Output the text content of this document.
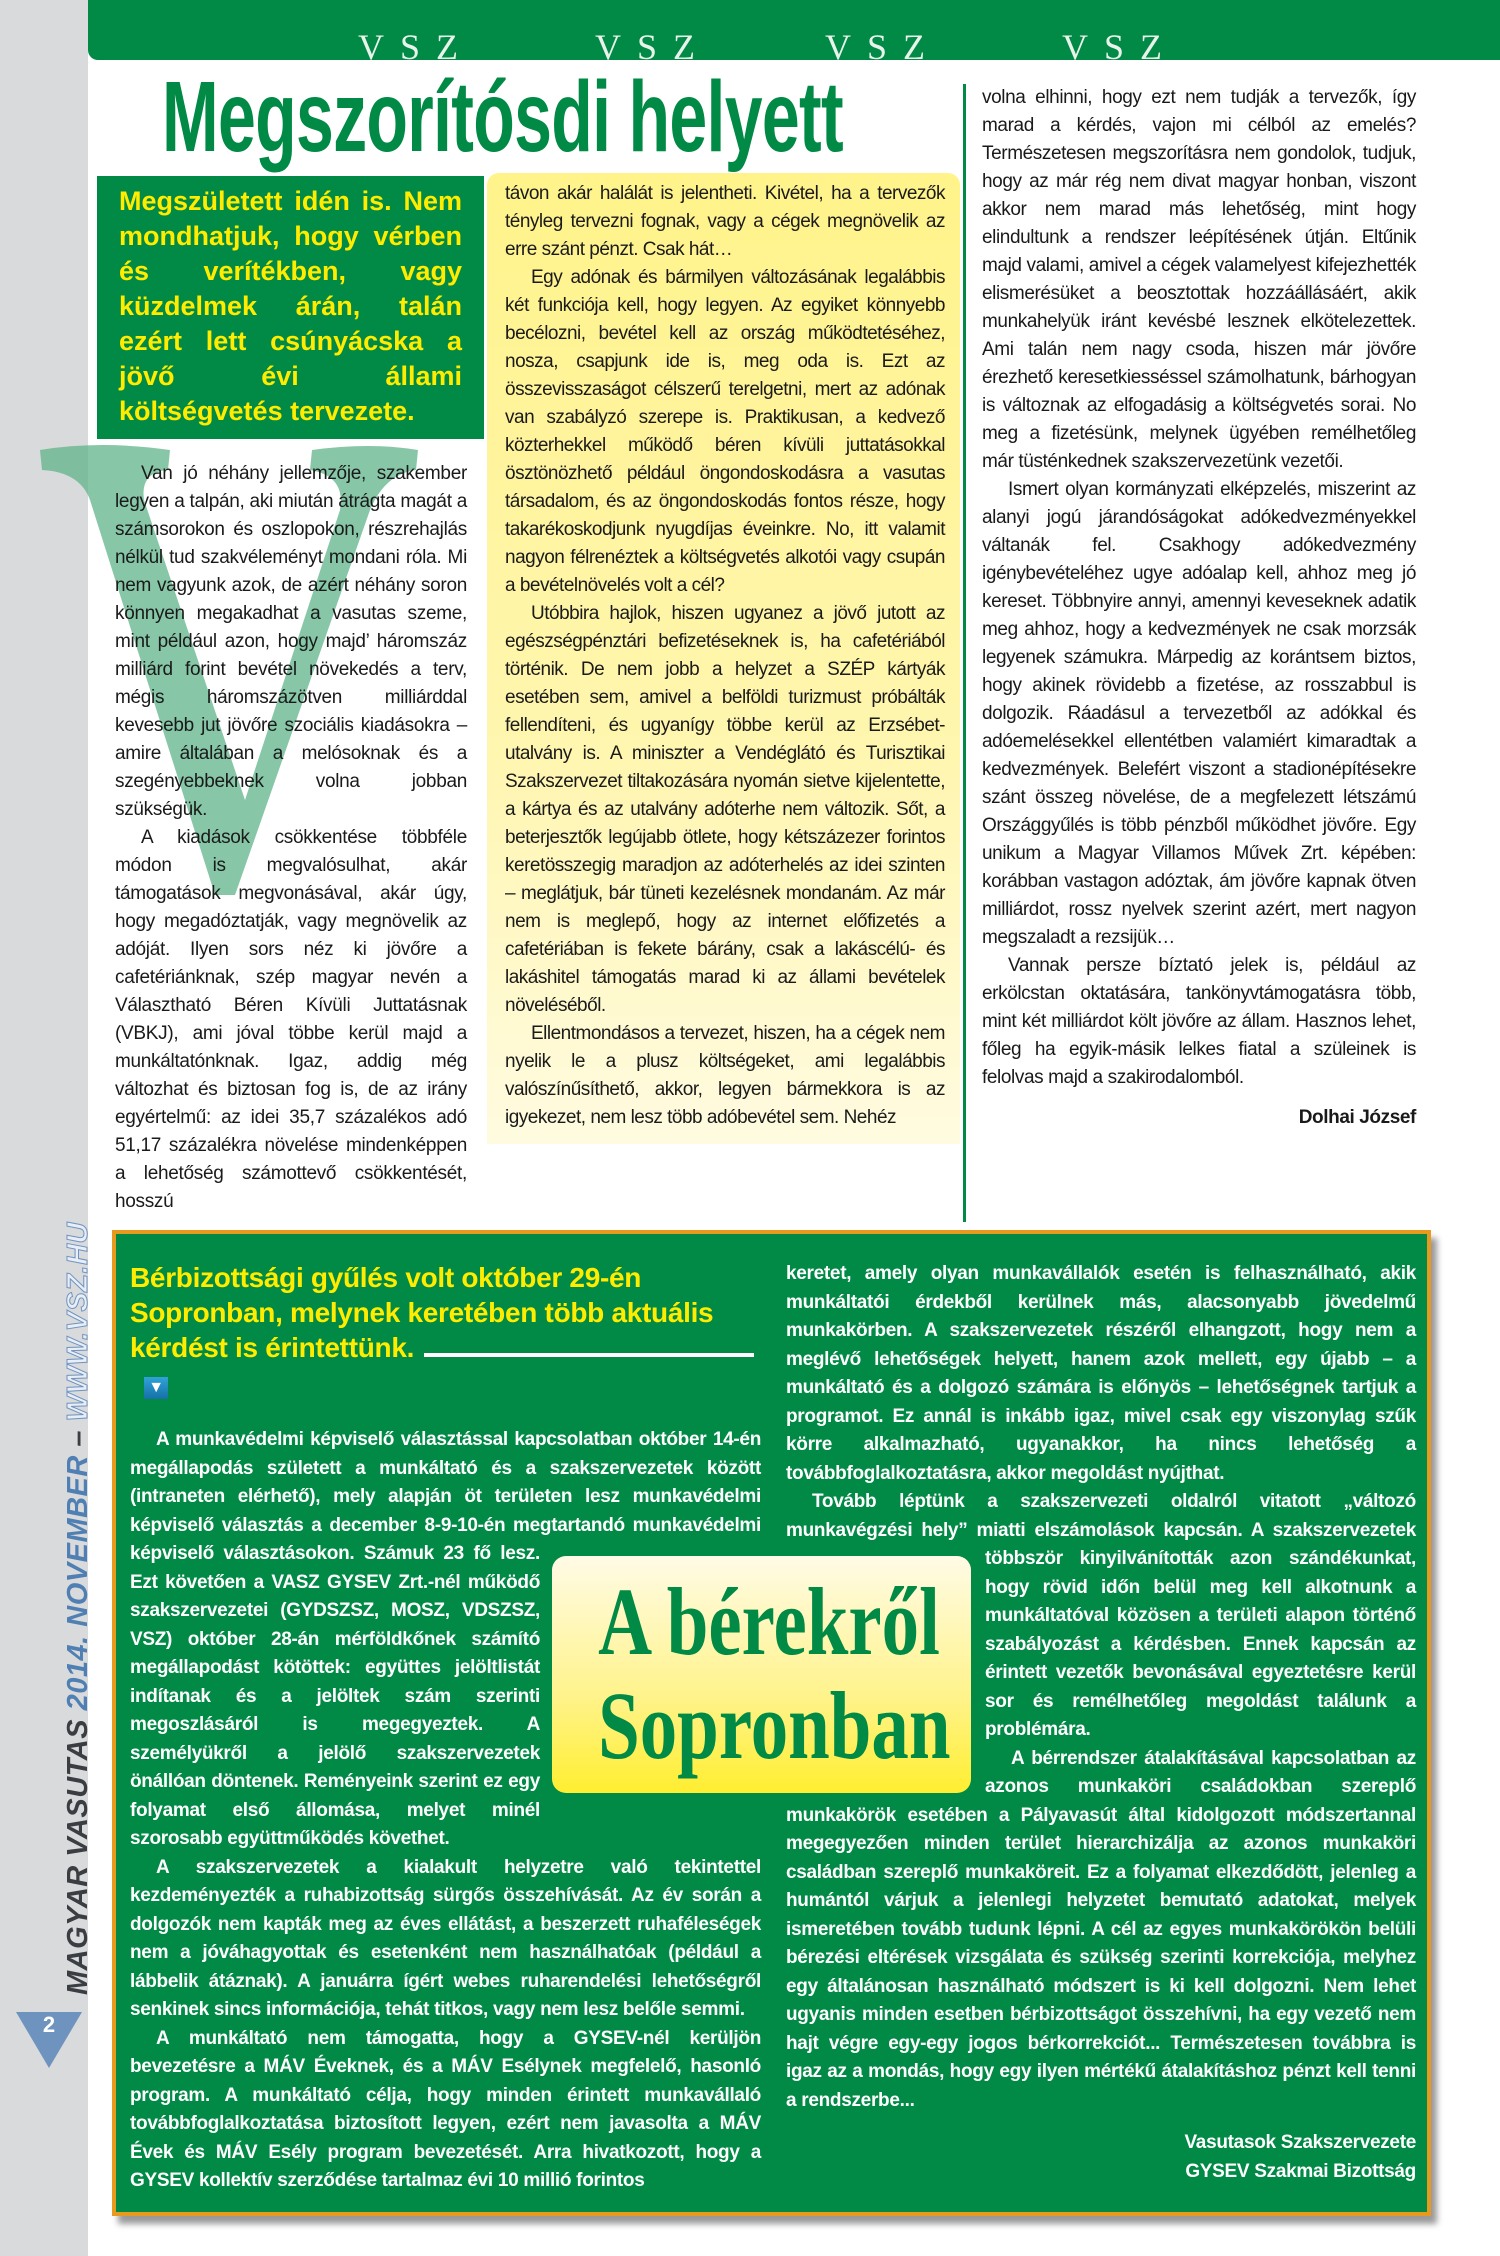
MAGYAR VASUTAS 2014. NOVEMBER – WWW.VSZ.HU
2
VSZ	VSZ	VSZ	VSZ
Megszorítósdi helyett
Megszületett idén is. Nem mondhatjuk, hogy vérben és verítékben, vagy küzdelmek árán, talán ezért lett csúnyácska a jövő évi állami költségvetés tervezete.

Van jó néhány jellemzője, szakember legyen a talpán, aki miután átrágta magát a számsorokon és oszlopokon, részrehajlás nélkül tud szakvéleményt mondani róla. Mi nem vagyunk azok, de azért néhány soron könnyen megakadhat a vasutas szeme, mint például azon, hogy majd’ háromszáz milliárd forint bevétel növekedés a terv, mégis háromszázötven milliárddal kevesebb jut jövőre szociális kiadásokra – amire általában a melósoknak és a szegényebbeknek volna jobban szükségük.

A kiadások csökkentése többféle módon is megvalósulhat, akár támogatások megvonásával, akár úgy, hogy megadóztatják, vagy megnövelik az adóját. Ilyen sors néz ki jövőre a cafetériánknak, szép magyar nevén a Választható Béren Kívüli Juttatásnak (VBKJ), ami jóval többe kerül majd a munkáltatónknak. Igaz, addig még változhat és biztosan fog is, de az irány egyértelmű: az idei 35,7 százalékos adó 51,17 százalékra növelése mindenképpen a lehetőség számottevő csökkentését, hosszú

távon akár halálát is jelentheti. Kivétel, ha a tervezők tényleg tervezni fognak, vagy a cégek megnövelik az erre szánt pénzt. Csak hát…

Egy adónak és bármilyen változásának legalábbis két funkciója kell, hogy legyen. Az egyiket könnyebb becélozni, bevétel kell az ország működtetéséhez, nosza, csapjunk ide is, meg oda is. Ezt az összevisszaságot célszerű terelgetni, mert az adónak van szabályzó szerepe is. Praktikusan, a kedvező közterhekkel működő béren kívüli juttatásokkal ösztönözhető például öngondoskodásra a vasutas társadalom, és az öngondoskodás fontos része, hogy takarékoskodjunk nyugdíjas éveinkre. No, itt valamit nagyon félrenéztek a költségvetés alkotói vagy csupán a bevételnövelés volt a cél?

Utóbbira hajlok, hiszen ugyanez a jövő jutott az egészségpénztári befizetéseknek is, ha cafetériából történik. De nem jobb a helyzet a SZÉP kártyák esetében sem, amivel a belföldi turizmust próbálták fellendíteni, és ugyanígy többe kerül az Erzsébet-utalvány is. A miniszter a Vendéglátó és Turisztikai Szakszervezet tiltakozására nyomán sietve kijelentette, a kártya és az utalvány adóterhe nem változik. Sőt, a beterjesztők legújabb ötlete, hogy kétszázezer forintos keretösszegig maradjon az adóterhelés az idei szinten – meglátjuk, bár tüneti kezelésnek mondanám. Az már nem is meglepő, hogy az internet előfizetés a cafetériában is fekete bárány, csak a lakáscélú- és lakáshitel támogatás marad ki az állami bevételek növeléséből.

Ellentmondásos a tervezet, hiszen, ha a cégek nem nyelik le a plusz költségeket, ami legalábbis valószínűsíthető, akkor, legyen bármekkora is az igyekezet, nem lesz több adóbevétel sem. Nehéz

volna elhinni, hogy ezt nem tudják a tervezők, így marad a kérdés, vajon mi célból az emelés? Természetesen megszorításra nem gondolok, tudjuk, hogy az már rég nem divat magyar honban, viszont akkor nem marad más lehetőség, mint hogy elindultunk a rendszer leépítésének útján. Eltűnik majd valami, amivel a cégek valamelyest kifejezhették elismerésüket a beosztottak hozzáállásáért, akik munkahelyük iránt kevésbé lesznek elkötelezettek. Ami talán nem nagy csoda, hiszen már jövőre érezhető keresetkiesséssel számolhatunk, bárhogyan is változnak az elfogadásig a költségvetés sorai. No meg a fizetésünk, melynek ügyében remélhetőleg már tüsténkednek szakszervezetünk vezetői.

Ismert olyan kormányzati elképzelés, miszerint az alanyi jogú járandóságokat adókedvezményekkel váltanák fel. Csakhogy adókedvezmény igénybevételéhez ugye adóalap kell, ahhoz meg jó kereset. Többnyire annyi, amennyi keveseknek adatik meg ahhoz, hogy a kedvezmények ne csak morzsák legyenek számukra. Márpedig az korántsem biztos, hogy akinek rövidebb a fizetése, az rosszabbul is dolgozik. Ráadásul a tervezetből az adókkal és adóemelésekkel ellentétben valamiért kimaradtak a kedvezmények. Belefért viszont a stadionépítésekre szánt összeg növelése, de a megfelezett létszámú Országgyűlés is több pénzből működhet jövőre. Egy unikum a Magyar Villamos Művek Zrt. képében: korábban vastagon adóztak, ám jövőre kapnak ötven milliárdot, rossz nyelvek szerint azért, mert nagyon megszaladt a rezsijük…

Vannak persze bíztató jelek is, például az erkölcstan oktatására, tankönyvtámogatásra több, mint két milliárdot költ jövőre az állam. Hasznos lehet, főleg ha egyik-másik lelkes fiatal a szüleinek is felolvas majd a szakirodalomból.

Dolhai József

Bérbizottsági gyűlés volt október 29-én Sopronban, melynek keretében több aktuális kérdést is érintettünk.▼

A bérekről
Sopronban

A munkavédelmi képviselő választással kapcsolatban október 14-én megállapodás született a munkáltató és a szakszervezetek között (intraneten elérhető), mely alapján öt területen lesz munkavédelmi képviselő választás a december 8-9-10-én megtartandó munkavédelmi képviselő választásokon. Számuk 23 fő lesz. Ezt követően a VASZ GYSEV Zrt.-nél működő szakszervezetei (GYDSZSZ, MOSZ, VDSZSZ, VSZ) október 28-án mérföldkőnek számító megállapodást kötöttek: együttes jelöltlistát indítanak és a jelöltek szám szerinti megoszlásáról is megegyeztek. A személyükről a jelölő szakszervezetek önállóan döntenek. Reményeink szerint ez egy folyamat első állomása, melyet minél szorosabb együttműködés követhet.

A szakszervezetek a kialakult helyzetre való tekintettel kezdeményezték a ruhabizottság sürgős összehívását. Az év során a dolgozók nem kapták meg az éves ellátást, a beszerzett ruhaféleségek nem a jóváhagyottak és esetenként nem használhatóak (például a lábbelik átáznak). A januárra ígért webes ruharendelési lehetőségről senkinek sincs információja, tehát titkos, vagy nem lesz belőle semmi.

A munkáltató nem támogatta, hogy a GYSEV-nél kerüljön bevezetésre a MÁV Éveknek, és a MÁV Esélynek megfelelő, hasonló program. A munkáltató célja, hogy minden érintett munkavállaló továbbfoglalkoztatása biztosított legyen, ezért nem javasolta a MÁV Évek és MÁV Esély program bevezetését. Arra hivatkozott, hogy a GYSEV kollektív szerződése tartalmaz évi 10 millió forintos

keretet, amely olyan munkavállalók esetén is felhasználható, akik munkáltatói érdekből kerülnek más, alacsonyabb jövedelmű munkakörben. A szakszervezetek részéről elhangzott, hogy nem a meglévő lehetőségek helyett, hanem azok mellett, egy újabb – a munkáltató és a dolgozó számára is előnyös – lehetőségnek tartjuk a programot. Ez annál is inkább igaz, mivel csak egy viszonylag szűk körre alkalmazható, ugyanakkor, ha nincs lehetőség a továbbfoglalkoztatásra, akkor megoldást nyújthat.

Tovább léptünk a szakszervezeti oldalról vitatott „változó munkavégzési hely” miatti elszámolások kapcsán. A szakszervezetek többször kinyilvánították azon szándékunkat, hogy rövid időn belül meg kell alkotnunk a munkáltatóval közösen a területi alapon történő szabályozást a kérdésben. Ennek kapcsán az érintett vezetők bevonásával egyeztetésre kerül sor és remélhetőleg megoldást találunk a problémára.

A bérrendszer átalakításával kapcsolatban az azonos munkaköri családokban szereplő munkakörök esetében a Pályavasút által kidolgozott módszertannal megegyezően minden terület hierarchizálja az azonos munkaköri családban szereplő munkaköreit. Ez a folyamat elkezdődött, jelenleg a humántól várjuk a jelenlegi helyzetet bemutató adatokat, melyek ismeretében tovább tudunk lépni. A cél az egyes munkakörökön belüli bérezési eltérések vizsgálata és szükség szerinti korrekciója, melyhez egy általánosan használható módszert is ki kell dolgozni. Nem lehet ugyanis minden esetben bérbizottságot összehívni, ha egy vezető nem hajt végre egy-egy jogos bérkorrekciót... Természetesen továbbra is igaz az a mondás, hogy egy ilyen mértékű átalakításhoz pénzt kell tenni a rendszerbe...

Vasutasok Szakszervezete
GYSEV Szakmai Bizottság
